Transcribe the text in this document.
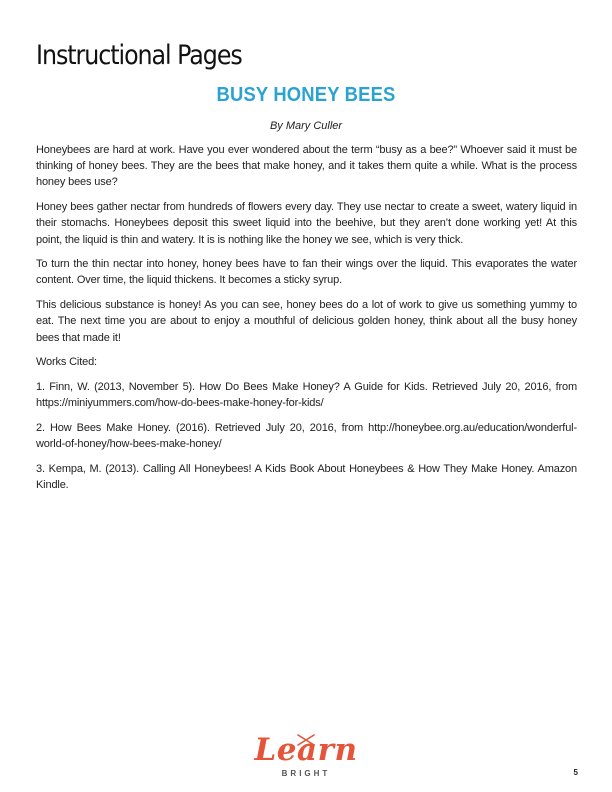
Instructional Pages
BUSY HONEY BEES
By Mary Culler

Honeybees are hard at work. Have you ever wondered about the term “busy as a bee?” Whoever said it must be thinking of honey bees. They are the bees that make honey, and it takes them quite a while. What is the process honey bees use?

Honey bees gather nectar from hundreds of flowers every day. They use nectar to create a sweet, watery liquid in their stomachs. Honeybees deposit this sweet liquid into the beehive, but they aren’t done working yet! At this point, the liquid is thin and watery. It is is nothing like the honey we see, which is very thick.

To turn the thin nectar into honey, honey bees have to fan their wings over the liquid. This evaporates the water content. Over time, the liquid thickens. It becomes a sticky syrup.

This delicious substance is honey! As you can see, honey bees do a lot of work to give us something yummy to eat. The next time you are about to enjoy a mouthful of delicious golden honey, think about all the busy honey bees that made it!

Works Cited:

1. Finn, W. (2013, November 5). How Do Bees Make Honey? A Guide for Kids. Retrieved July 20, 2016, from https://miniyummers.com/how-do-bees-make-honey-for-kids/

2. How Bees Make Honey. (2016). Retrieved July 20, 2016, from http://honeybee.org.au/education/wonderful-world-of-honey/how-bees-make-honey/

3. Kempa, M. (2013). Calling All Honeybees! A Kids Book About Honeybees & How They Make Honey. Amazon Kindle.

Learn
BRIGHT	5
